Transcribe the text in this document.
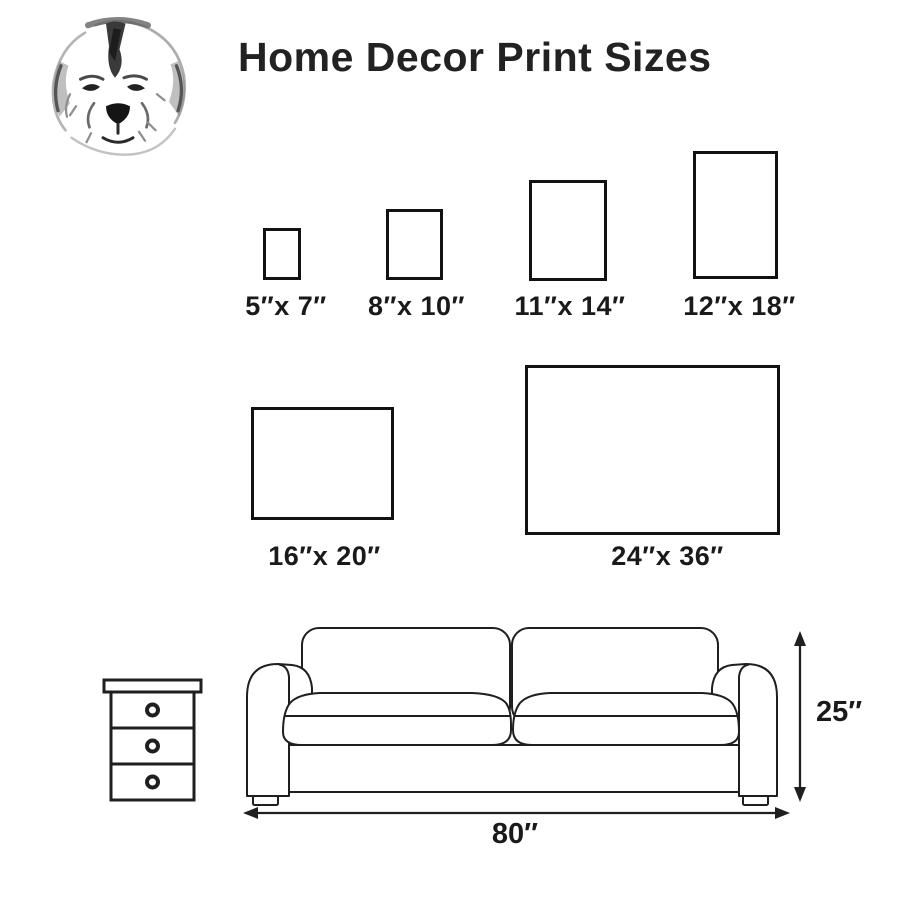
Home Decor Print Sizes
5″x 7″ 8″x 10″ 11″x 14″ 12″x 18″
16″x 20″	24″x 36″
80″
25″
